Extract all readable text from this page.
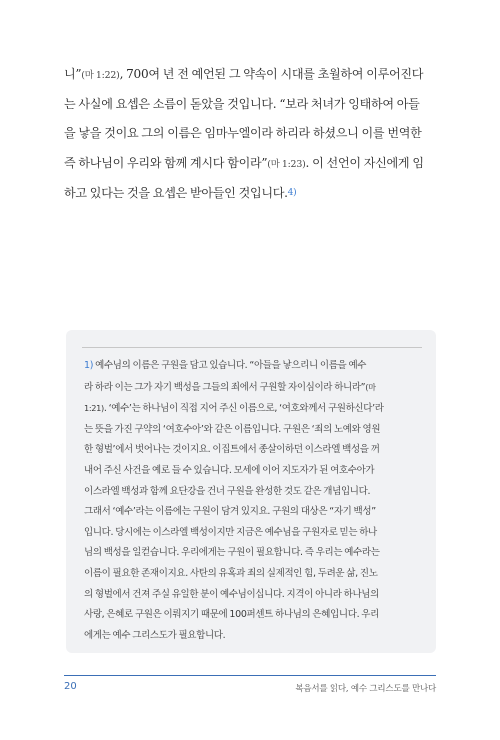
니”(마 1:22), 700여 년 전 예언된 그 약속이 시대를 초월하여 이루어진다
는 사실에 요셉은 소름이 돋았을 것입니다. “보라 처녀가 잉태하여 아들
을 낳을 것이요 그의 이름은 임마누엘이라 하리라 하셨으니 이를 번역한
즉 하나님이 우리와 함께 계시다 함이라”(마 1:23). 이 선언이 자신에게 임
하고 있다는 것을 요셉은 받아들인 것입니다.4)
1) 예수님의 이름은 구원을 담고 있습니다. “아들을 낳으리니 이름을 예수
라 하라 이는 그가 자기 백성을 그들의 죄에서 구원할 자이심이라 하니라”(마
1:21). ‘예수’는 하나님이 직접 지어 주신 이름으로, ‘여호와께서 구원하신다’라
는 뜻을 가진 구약의 ‘여호수아’와 같은 이름입니다. 구원은 ‘죄의 노예와 영원
한 형벌’에서 벗어나는 것이지요. 이집트에서 종살이하던 이스라엘 백성을 꺼
내어 주신 사건을 예로 들 수 있습니다. 모세에 이어 지도자가 된 여호수아가
이스라엘 백성과 함께 요단강을 건너 구원을 완성한 것도 같은 개념입니다.
그래서 ‘예수’라는 이름에는 구원이 담겨 있지요. 구원의 대상은 “자기 백성”
입니다. 당시에는 이스라엘 백성이지만 지금은 예수님을 구원자로 믿는 하나
님의 백성을 일컫습니다. 우리에게는 구원이 필요합니다. 즉 우리는 예수라는
이름이 필요한 존재이지요. 사탄의 유혹과 죄의 실제적인 힘, 두려운 삶, 진노
의 형벌에서 건져 주실 유일한 분이 예수님이십니다. 지격이 아니라 하나님의
사랑, 은혜로 구원은 이뤄지기 때문에 100퍼센트 하나님의 은혜입니다. 우리
에게는 예수 그리스도가 필요합니다.
20	복음서를 읽다, 예수 그리스도를 만나다
